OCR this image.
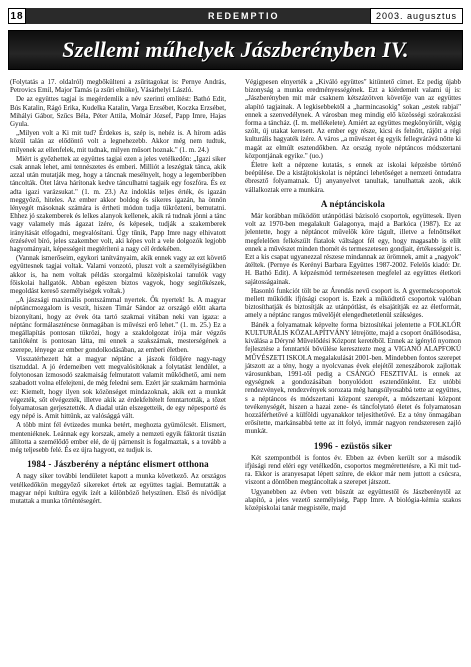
18	REDEMPTIO	2003. augusztus
Szellemi műhelyek Jászberényben IV.

(Folytatás a 17. oldalról) megbőkülteni a zsűritagokat is: Pernye András, Petrovics Emil, Major Tamás (a zsűri elnöke), Vásárhelyi László.

De az együttes tagjai is megérdemlik a név szerinti említést: Bathó Edit, Bús Katalin, Rágó Erika, Kudelka Katalin, Varga Erzsébet, Koczka Erzsébet, Mihályi Gábor, Szűcs Béla, Péter Attila, Molnár József, Papp Imre, Hajas Gyula.

„Milyen volt a Ki mit tud? Érdekes is, szép is, nehéz is. A hírom adás közül talán az elődöntő volt a legnehezebb. Akkor még nem tudtuk, milyenek az ellenfelek, mit tudnak, milyen műsort hoznak." (1. m. 24.)

Miért is győzhettek az együttes tagjai ezen a jeles vetélkedőn: „Igazi siker csak annak lehet, ami tennészetes és emberi. Milliót a leszégtak tánca, akik azzal után mutatják meg, hogy a táncnak mesélnyelt, hogy a legemberibben táncolták. Ötet látva hárítonak kedve tánculhatni tagjaik egy foszfóra. És ez adta igazi varázsukat." (1. m. 23.) Az indoklás teljes érték, és igazán meggyőző, hiteles. Az ember akkor boldog és sikeres igazán, ha önnön lényegét másoknak számára is értheti módon tudja tükrözteni, bemutatni. Ehhez jó szakemberek és lelkes alanyok kellenek, akik rá tudnak jönni a tánc vagy valamely más ágazat ízére, és képesek, tudják a szakemberek irányítását elfogadni, megvalósítani. Úgy tűnik, Papp Imre nagy elhivatott érzésével bíró, jeles szakember volt, aki képes volt a vele dolgozók legjobb hagyományait, képességeit megtéríteni a nagy cél érdekében.

(Vannak ismerőseim, egykori tanítványaim, akik ennek vagy az ezt követő együttesnek tagjai voltak. Valami vonzotó, pluszt volt a személyiségükben akkor is, ha nem voltak példás szorgalmú középiskolai tanulók vagy főiskolai hallgatók. Abban egészen biztos vagyok, hogy segítőkészek, megoldást kereső személyiségek voltak.)

„A jászsági maximális pontszámmal nyertek. Ők nyertek! Is. A magyar néptáncmozgalom is veszít, hiszen Timár Sándor az országó előtt akarta bizonyítani, hogy az évek óta tartó szakmai vitában neki van igaza: a néptánc formálaszténcse önmagában is művészi erő lehet." (1. m. 25.) Ez a megállapítás pontosan tükrözi, hogy a szakdolgozat írója már végzős tanítóként is pontosan látta, mi ennek a szakszámak, mesterségének a szerepe, lényege az ember gondolkodásában, az emberi életben.

Visszatérhezett hát a magyar néptánc a jászok földjére nagy-nagy tisztuddal. A jó érdemeiben vett megvalósítóknak a folytatást lendület, a folytonosan ízmosodó szakmaiság felmutatott valamit működhető, ami nem szabadott volna elfelejteni, de még feledni sem. Ezért jár szakmám harmónia ez: Kiemelt, hogy ilyen sok közönséget mindazoknak, akik ezt a munkát végezték, sőt elvégezték, illetve akik az érdekfeltételt fenntartották, a tőzet folyamatosan gerjesztették. A diadal után elszegetteik, de egy népesporté és egy népé is. Amit hittünk, az valósággá vált.

A több mint fél évtizedes munka betért, meghozta gyümölcsét. Elismert, menteniéknek. Leánnak egy korszak, amely a nemzeti egyik fáktorát tisztán állította a személődő ember elé, de új párnensít is fogalmaztak, s a tovább a még teljesebb felé. És ez újra hagyott, ez tudjuk is.

1984 - Jászberény a néptánc elismert otthona

A nagy siker további lendületet kapott a munka következő. Az országos vetélkedőkön meggyőző sikereket értek az együttes tagjai. Bemutatták a magyar népi kultúra egyik ízét a különböző helyszínen. Első és nívódíjat mutattak a munka tőrténtésegért.

Végigpesen elnyerték a „Kiváló együttes" kitüntető címet. Ez pedig újabb bizonyság a munka eredményességének. Ezt a kiérdemelt valami új is: „Jászberényben mit már csaknem kétszázötven követője van az együttes alapító tagjainak. A legkisebbektől a „harmincasokig" sokan „estek rabjai" ennek a szenvedélynek. A városban meg mindig elő közösségi szórakozási forma a táncház. (I. m. mellékelete). Amiért az együttes megkönyörült, végig szólt, új utakat keresett. Az ember egy része, kicsi és felnőtt, rájött a régi kulturális hagyaték ízére. A város „a művészet ég egyik fellegvárává nőtte ki magát az elmúlt esztendőkben. Az ország nyole néptáncos módszertani központjának egyike." (uo.)

Életre kelt a népzene kutatás, s ennek az iskolai képzésbe történő beépülése. De a kistájtokiskolat is néptánci lehetőséget a nemzeti öntudatra ébresztő folyamatnak. Új anyanyelvet tanultak, tanulhattak azok, akik vállalkoztak erre a munkára.

A néptánciskola

Már korábban működött utánpótlási bázisoló csoportok, együttesek. Ilyen volt az 1970-ben megalakult Galagonya, majd a Barkóca (1987). Ez az jelentette, hogy a néptáncot művelők köre tágult, illetve a felnőttséket megfelelően felkészült fiatalok váltságot fél egy, hogy magasabb is elilt ennek a művészet minden thomét és termeszetesen gondjait, értékességeit is. Ezt a kis csapat ugyanezzal részese mindannak az örömnek, amit a „nagyok" átéltek. (Pernye és Kerényi Barbara Együttes 1987-2002. Felelős kiadó: Dr. H. Bathó Edit). A képzésmód természetesen megfelel az együttes életkori sajátosságainak.

Hasonló funkciót tölt be az Árendás nevű csoport is. A gyermekcsoportok mellett működik ifjúsági csoport is. Ezek a működtető csoportok valóban biztosíthatják és biztosítják az utánpótlást, és elsajátítják ez az életformát, amely a néptánc rangos művelőjét elengedhetetlenül szükséges.

Bánék a folyamatnak képvelte forma biztosítékai jelentette a FOLKLÓR KULTURÁLIS KÖZALAPÍTVÁNY létrejötte, majd a csoport önállósodása, kiválása a Déryné Művelődési Központ keretéből. Ennek az igénylő nyomon fejlesztése a fenntartói bővülése keresztezte meg a VIGANÓ ALAPFOKÚ MŰVÉSZETI ISKOLA megalakulását 2001-ben. Mindebben fontos szerepet játszott az a tény, hogy a nyolcvanas évek elejétől zeneszáborok zajlottak városunkban, 1991-től pedig a CSÁNGÓ FESZTIVÁL is ennek az egységnek a gondozásában bonyolódott esztendőnként. Ez utóbbi rendezvények, rendezvények sorozata még hangsúlyosabbá tette az együttes, s a néptáncos és módszertani központ szerepét, a módszertani központ tevékenységét, hiszen a hazai zene- és táncfolytató életet és folyamatosan hozzáférhetővé a külföldi ugyanakkor teljesíthetővé. Ez a tény önmagában erősítette, markánsabbá tette az itt folyó, immár nagyon rendszeresen zajló munkát.

1996 - ezüstös siker

Két szempontból is fontos év. Ebben az évben került sor a második ifjúsági rend eléri egy vetélkedőn, csoportos megmérettetésre, a Ki mit tud-ra. Ekkor is aranyesapat lépett színre, de ekkor már nem juttott a csúcsra, viszont a döntőben megtáncoltak a szerepet játszott.

Ugyanebben az évben vett büszút az együttestől és Jászberénytől az alapító, a jeles vezető személyiség, Papp Imre. A biológia-kémia szakos középiskolai tanár megpistéle, majd
